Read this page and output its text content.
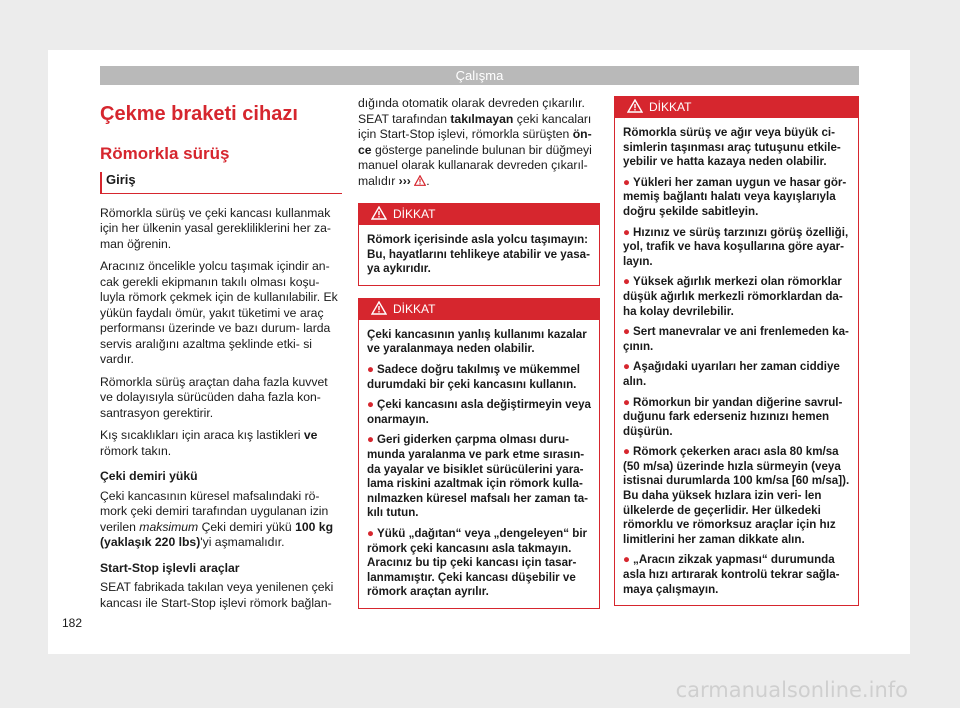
Çalışma
Çekme braketi cihazı
Römorkla sürüş
Giriş

Römorkla sürüş ve çeki kancası kullanmak için her ülkenin yasal gerekliliklerini her za- man öğrenin.

Aracınız öncelikle yolcu taşımak içindir an- cak gerekli ekipmanın takılı olması koşu- luyla römork çekmek için de kullanılabilir. Ek yükün faydalı ömür, yakıt tüketimi ve araç performansı üzerinde ve bazı durum- larda servis aralığını azaltma şeklinde etki- si vardır.

Römorkla sürüş araçtan daha fazla kuvvet ve dolayısıyla sürücüden daha fazla kon- santrasyon gerektirir.

Kış sıcaklıkları için araca kış lastikleri ve römork takın.

Çeki demiri yükü

Çeki kancasının küresel mafsalındaki rö- mork çeki demiri tarafından uygulanan izin verilen maksimum Çeki demiri yükü 100 kg (yaklaşık 220 lbs)'yi aşmamalıdır.

Start-Stop işlevli araçlar

SEAT fabrikada takılan veya yenilenen çeki kancası ile Start-Stop işlevi römork bağlan-

dığında otomatik olarak devreden çıkarılır. SEAT tarafından takılmayan çeki kancaları için Start-Stop işlevi, römorkla sürüşten ön- ce gösterge panelinde bulunan bir düğmeyi manuel olarak kullanarak devreden çıkarıl- malıdır ››› .

DİKKAT

Römork içerisinde asla yolcu taşımayın: Bu, hayatlarını tehlikeye atabilir ve yasa- ya aykırıdır.

DİKKAT

Çeki kancasının yanlış kullanımı kazalar ve yaralanmaya neden olabilir.

● Sadece doğru takılmış ve mükemmel durumdaki bir çeki kancasını kullanın.

● Çeki kancasını asla değiştirmeyin veya onarmayın.

● Geri giderken çarpma olması duru- munda yaralanma ve park etme sırasın- da yayalar ve bisiklet sürücülerini yara- lama riskini azaltmak için römork kulla- nılmazken küresel mafsalı her zaman ta- kılı tutun.

● Yükü „dağıtan“ veya „dengeleyen“ bir römork çeki kancasını asla takmayın. Aracınız bu tip çeki kancası için tasar- lanmamıştır. Çeki kancası düşebilir ve römork araçtan ayrılır.

DİKKAT

Römorkla sürüş ve ağır veya büyük ci- simlerin taşınması araç tutuşunu etkile- yebilir ve hatta kazaya neden olabilir.

● Yükleri her zaman uygun ve hasar gör- memiş bağlantı halatı veya kayışlarıyla doğru şekilde sabitleyin.

● Hızınız ve sürüş tarzınızı görüş özelliği, yol, trafik ve hava koşullarına göre ayar- layın.

● Yüksek ağırlık merkezi olan römorklar düşük ağırlık merkezli römorklardan da- ha kolay devrilebilir.

● Sert manevralar ve ani frenlemeden ka- çının.

● Aşağıdaki uyarıları her zaman ciddiye alın.

● Römorkun bir yandan diğerine savrul- duğunu fark ederseniz hızınızı hemen düşürün.

● Römork çekerken aracı asla 80 km/sa (50 m/sa) üzerinde hızla sürmeyin (veya istisnai durumlarda 100 km/sa [60 m/sa]). Bu daha yüksek hızlara izin veri- len ülkelerde de geçerlidir. Her ülkedeki römorklu ve römorksuz araçlar için hız limitlerini her zaman dikkate alın.

● „Aracın zikzak yapması“ durumunda asla hızı artırarak kontrolü tekrar sağla- maya çalışmayın.

182
carmanualsonline.info
